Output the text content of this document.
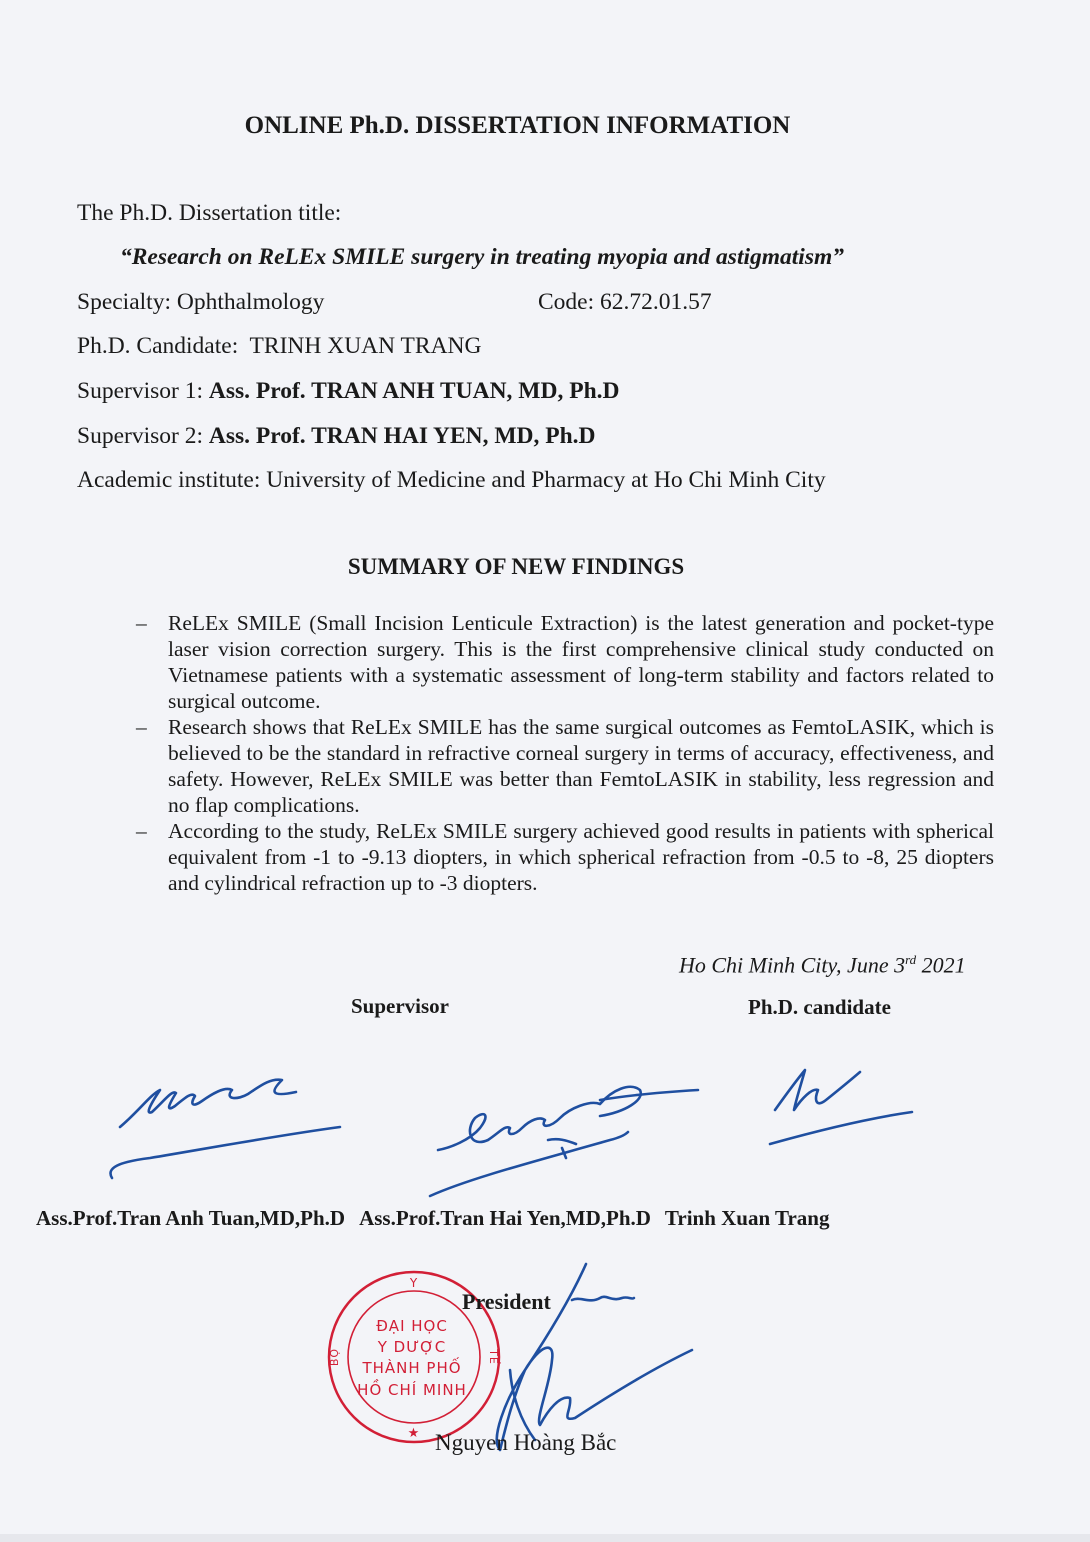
ONLINE Ph.D. DISSERTATION INFORMATION
The Ph.D. Dissertation title:
“Research on ReLEx SMILE surgery in treating myopia and astigmatism”
Specialty: Ophthalmology	Code: 62.72.01.57
Ph.D. Candidate:  TRINH XUAN TRANG
Supervisor 1: Ass. Prof. TRAN ANH TUAN, MD, Ph.D
Supervisor 2: Ass. Prof. TRAN HAI YEN, MD, Ph.D
Academic institute: University of Medicine and Pharmacy at Ho Chi Minh City
SUMMARY OF NEW FINDINGS
– ReLEx SMILE (Small Incision Lenticule Extraction) is the latest generation and pocket-type laser vision correction surgery. This is the first comprehensive clinical study conducted on Vietnamese patients with a systematic assessment of long-term stability and factors related to surgical outcome.
– Research shows that ReLEx SMILE has the same surgical outcomes as FemtoLASIK, which is believed to be the standard in refractive corneal surgery in terms of accuracy, effectiveness, and safety. However, ReLEx SMILE was better than FemtoLASIK in stability, less regression and no flap complications.
– According to the study, ReLEx SMILE surgery achieved good results in patients with spherical equivalent from -1 to -9.13 diopters, in which spherical refraction from -0.5 to -8, 25 diopters and cylindrical refraction up to -3 diopters.
Ho Chi Minh City, June 3rd 2021
Supervisor	Ph.D. candidate
Ass.Prof.Tran Anh Tuan,MD,Ph.D Ass.Prof.Tran Hai Yen,MD,Ph.D Trinh Xuan Trang
Y
BỘ	TẾ
★
ĐẠI HỌC
Y DƯỢC
THÀNH PHỐ
HỒ CHÍ MINH
President
Nguyen Hoàng Bắc
